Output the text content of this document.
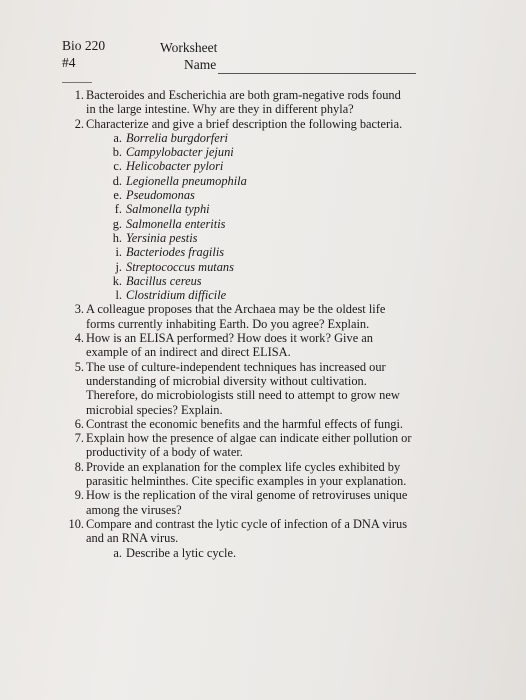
Bio 220
#4
Worksheet
Name
1. Bacteroides and Escherichia are both gram-negative rods found in the large intestine. Why are they in different phyla?
2. Characterize and give a brief description the following bacteria.
a. Borrelia burgdorferi
b. Campylobacter jejuni
c. Helicobacter pylori
d. Legionella pneumophila
e. Pseudomonas
f. Salmonella typhi
g. Salmonella enteritis
h. Yersinia pestis
i. Bacteriodes fragilis
j. Streptococcus mutans
k. Bacillus cereus
l. Clostridium difficile
3. A colleague proposes that the Archaea may be the oldest life forms currently inhabiting Earth. Do you agree? Explain.
4. How is an ELISA performed? How does it work? Give an example of an indirect and direct ELISA.
5. The use of culture-independent techniques has increased our understanding of microbial diversity without cultivation. Therefore, do microbiologists still need to attempt to grow new microbial species? Explain.
6. Contrast the economic benefits and the harmful effects of fungi.
7. Explain how the presence of algae can indicate either pollution or productivity of a body of water.
8. Provide an explanation for the complex life cycles exhibited by parasitic helminthes. Cite specific examples in your explanation.
9. How is the replication of the viral genome of retroviruses unique among the viruses?
10. Compare and contrast the lytic cycle of infection of a DNA virus and an RNA virus.
a. Describe a lytic cycle.
